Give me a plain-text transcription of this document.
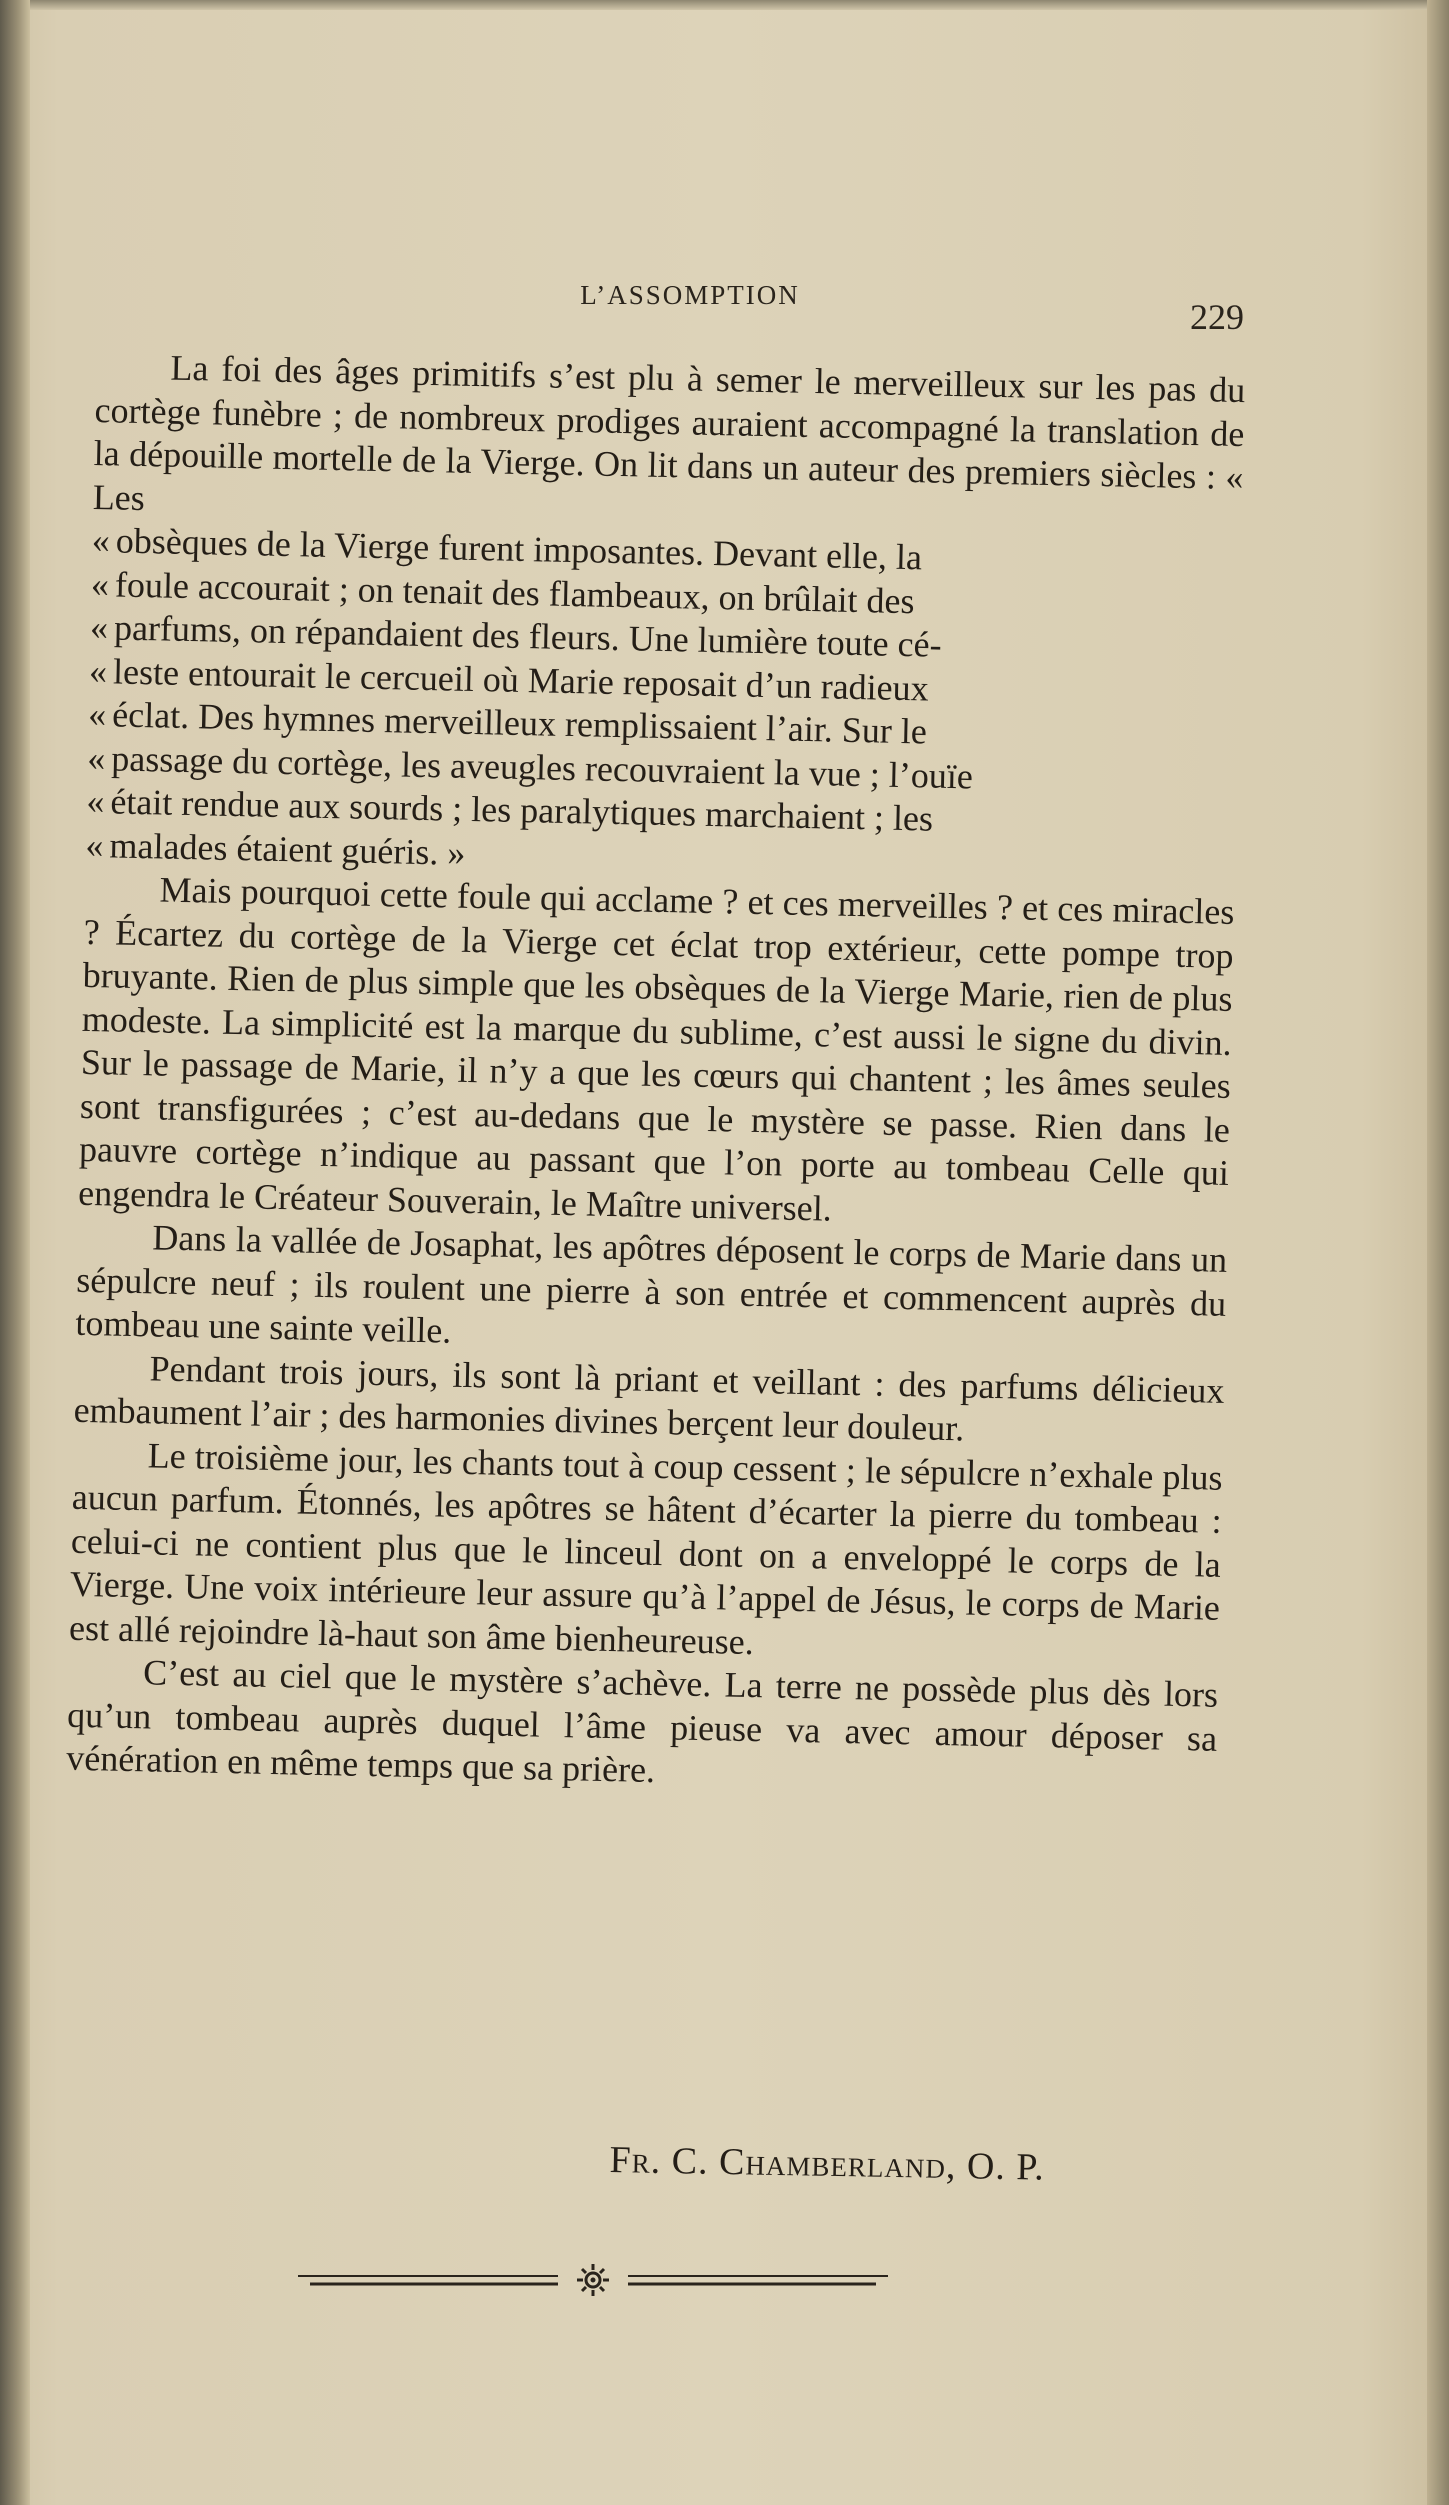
L’ASSOMPTION
229

La foi des âges primitifs s’est plu à semer le merveilleux sur les pas du cortège funèbre ; de nombreux prodiges auraient accompagné la translation de la dépouille mortelle de la Vierge. On lit dans un auteur des premiers siècles : « Les
« obsèques de la Vierge furent imposantes. Devant elle, la
« foule accourait ; on tenait des flambeaux, on brûlait des
« parfums, on répandaient des fleurs. Une lumière toute cé-
« leste entourait le cercueil où Marie reposait d’un radieux
« éclat. Des hymnes merveilleux remplissaient l’air. Sur le
« passage du cortège, les aveugles recouvraient la vue ; l’ouïe
« était rendue aux sourds ; les paralytiques marchaient ; les
« malades étaient guéris. »

Mais pourquoi cette foule qui acclame ? et ces merveilles ? et ces miracles ? Écartez du cortège de la Vierge cet éclat trop extérieur, cette pompe trop bruyante. Rien de plus simple que les obsèques de la Vierge Marie, rien de plus modeste. La simplicité est la marque du sublime, c’est aussi le signe du divin. Sur le passage de Marie, il n’y a que les cœurs qui chantent ; les âmes seules sont transfigurées ; c’est au-dedans que le mystère se passe. Rien dans le pauvre cortège n’indique au passant que l’on porte au tombeau Celle qui engendra le Créateur Souverain, le Maître universel.

Dans la vallée de Josaphat, les apôtres déposent le corps de Marie dans un sépulcre neuf ; ils roulent une pierre à son entrée et commencent auprès du tombeau une sainte veille.

Pendant trois jours, ils sont là priant et veillant : des parfums délicieux embaument l’air ; des harmonies divines berçent leur douleur.

Le troisième jour, les chants tout à coup cessent ; le sépulcre n’exhale plus aucun parfum. Étonnés, les apôtres se hâtent d’écarter la pierre du tombeau : celui-ci ne contient plus que le linceul dont on a enveloppé le corps de la Vierge. Une voix intérieure leur assure qu’à l’appel de Jésus, le corps de Marie est allé rejoindre là-haut son âme bienheureuse.

C’est au ciel que le mystère s’achève. La terre ne possède plus dès lors qu’un tombeau auprès duquel l’âme pieuse va avec amour déposer sa vénération en même temps que sa prière.

Fr. C. Chamberland, O. P.
